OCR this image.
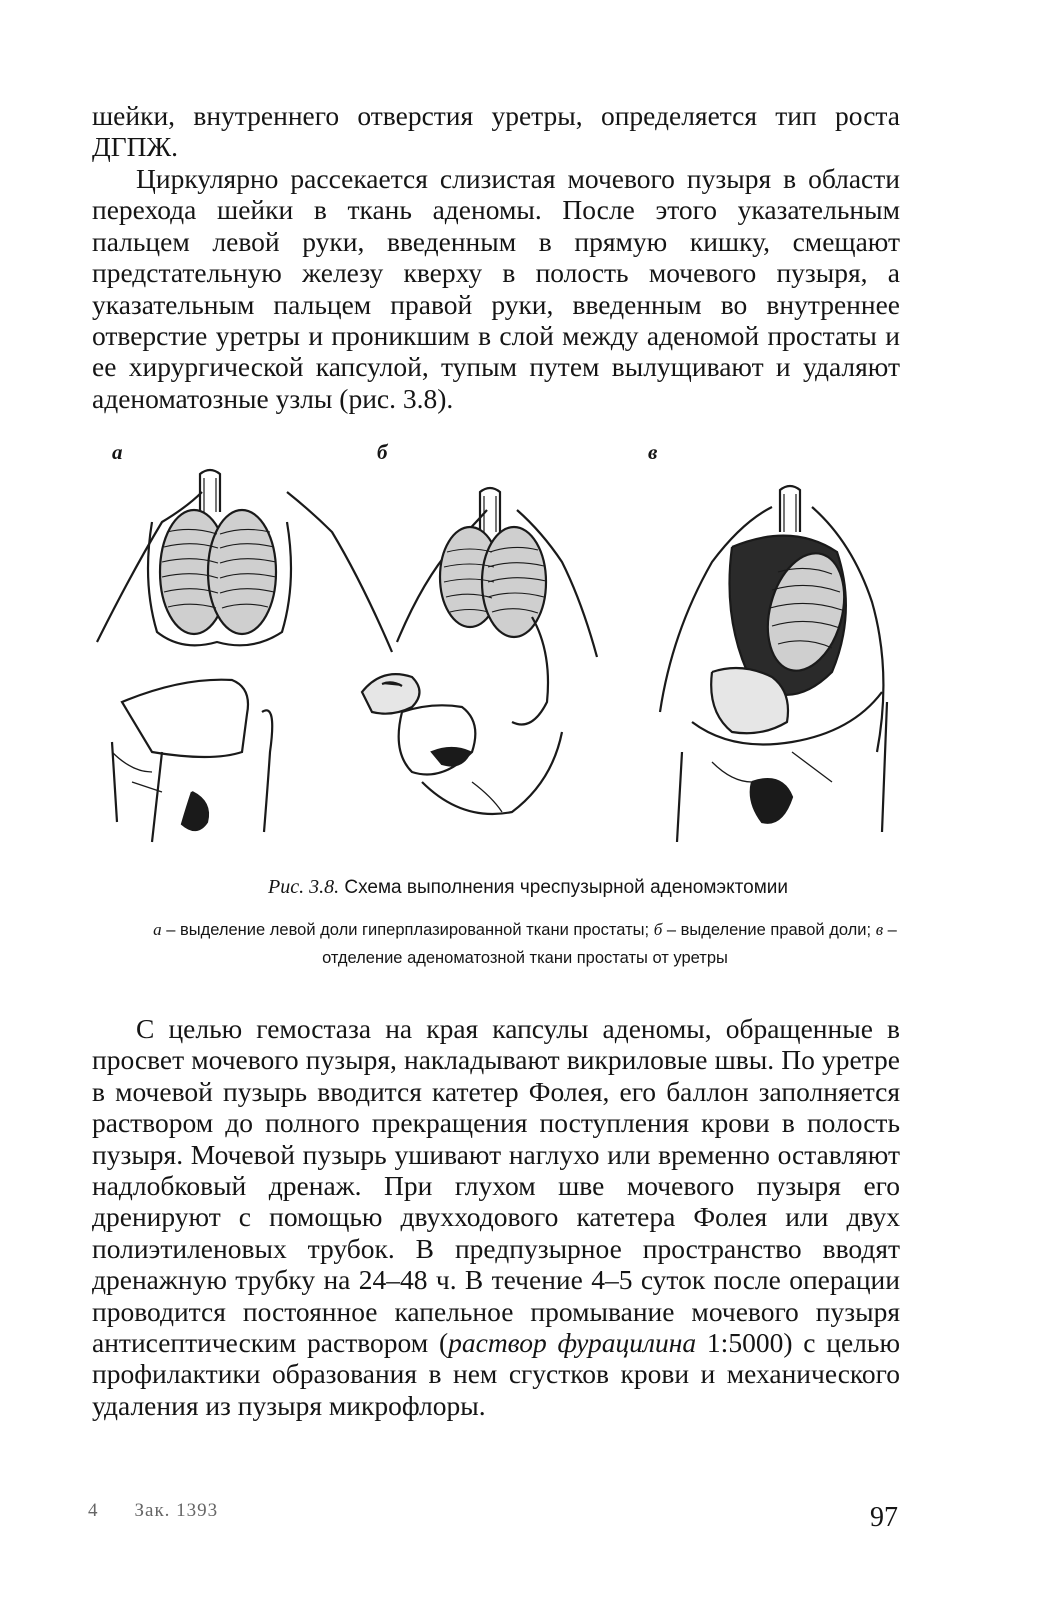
шейки, внутреннего отверстия уретры, определяется тип роста ДГПЖ.

Циркулярно рассекается слизистая мочевого пузыря в области перехода шейки в ткань аденомы. После этого указательным пальцем левой руки, введенным в прямую кишку, смещают предстательную железу кверху в полость мочевого пузыря, а указательным пальцем правой руки, введенным во внутреннее отверстие уретры и проникшим в слой между аденомой простаты и ее хирургической капсулой, тупым путем вылущивают и удаляют аденоматозные узлы (рис. 3.8).

а	б	в
Рис. 3.8. Схема выполнения чреспузырной аденомэктомии

а – выделение левой доли гиперплазированной ткани простаты; б – выделение правой доли; в – отделение аденоматозной ткани простаты от уретры

С целью гемостаза на края капсулы аденомы, обращенные в просвет мочевого пузыря, накладывают викриловые швы. По уретре в мочевой пузырь вводится катетер Фолея, его баллон заполняется раствором до полного прекращения поступления крови в полость пузыря. Мочевой пузырь ушивают наглухо или временно оставляют надлобковый дренаж. При глухом шве мочевого пузыря его дренируют с помощью двухходового катетера Фолея или двух полиэтиленовых трубок. В предпузырное пространство вводят дренажную трубку на 24–48 ч. В течение 4–5 суток после операции проводится постоянное капельное промывание мочевого пузыря антисептическим раствором (раствор фурацилина 1:5000) с целью профилактики образования в нем сгустков крови и механического удаления из пузыря микрофлоры.

4 Зак. 1393	97
